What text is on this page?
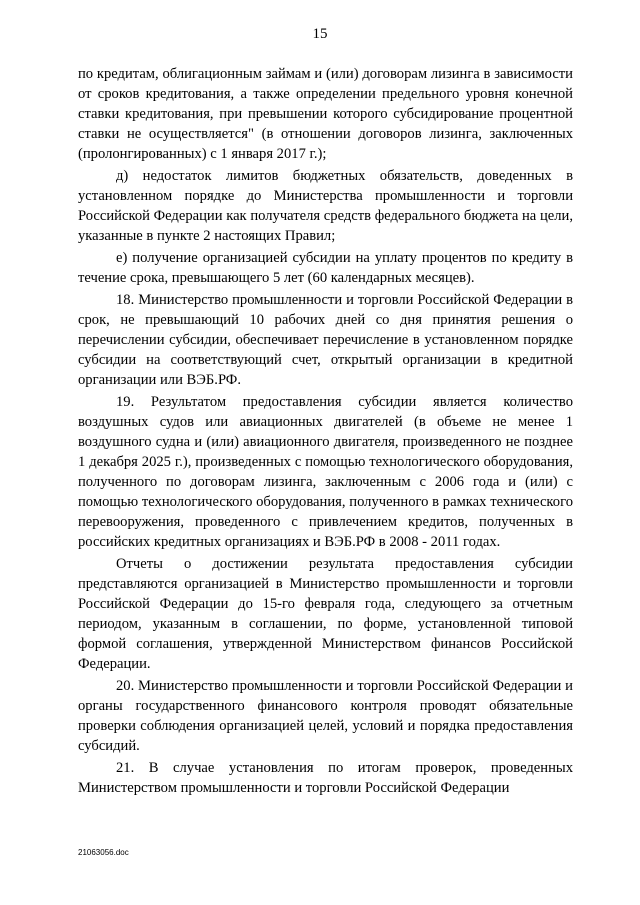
15

по кредитам, облигационным займам и (или) договорам лизинга в зависимости от сроков кредитования, а также определении предельного уровня конечной ставки кредитования, при превышении которого субсидирование процентной ставки не осуществляется" (в отношении договоров лизинга, заключенных (пролонгированных) с 1 января 2017 г.);

д) недостаток лимитов бюджетных обязательств, доведенных в установленном порядке до Министерства промышленности и торговли Российской Федерации как получателя средств федерального бюджета на цели, указанные в пункте 2 настоящих Правил;

е) получение организацией субсидии на уплату процентов по кредиту в течение срока, превышающего 5 лет (60 календарных месяцев).

18. Министерство промышленности и торговли Российской Федерации в срок, не превышающий 10 рабочих дней со дня принятия решения о перечислении субсидии, обеспечивает перечисление в установленном порядке субсидии на соответствующий счет, открытый организации в кредитной организации или ВЭБ.РФ.

19. Результатом предоставления субсидии является количество воздушных судов или авиационных двигателей (в объеме не менее 1 воздушного судна и (или) авиационного двигателя, произведенного не позднее 1 декабря 2025 г.), произведенных с помощью технологического оборудования, полученного по договорам лизинга, заключенным с 2006 года и (или) с помощью технологического оборудования, полученного в рамках технического перевооружения, проведенного с привлечением кредитов, полученных в российских кредитных организациях и ВЭБ.РФ в 2008 - 2011 годах.

Отчеты о достижении результата предоставления субсидии представляются организацией в Министерство промышленности и торговли Российской Федерации до 15-го февраля года, следующего за отчетным периодом, указанным в соглашении, по форме, установленной типовой формой соглашения, утвержденной Министерством финансов Российской Федерации.

20. Министерство промышленности и торговли Российской Федерации и органы государственного финансового контроля проводят обязательные проверки соблюдения организацией целей, условий и порядка предоставления субсидий.

21. В случае установления по итогам проверок, проведенных Министерством промышленности и торговли Российской Федерации

21063056.doc
